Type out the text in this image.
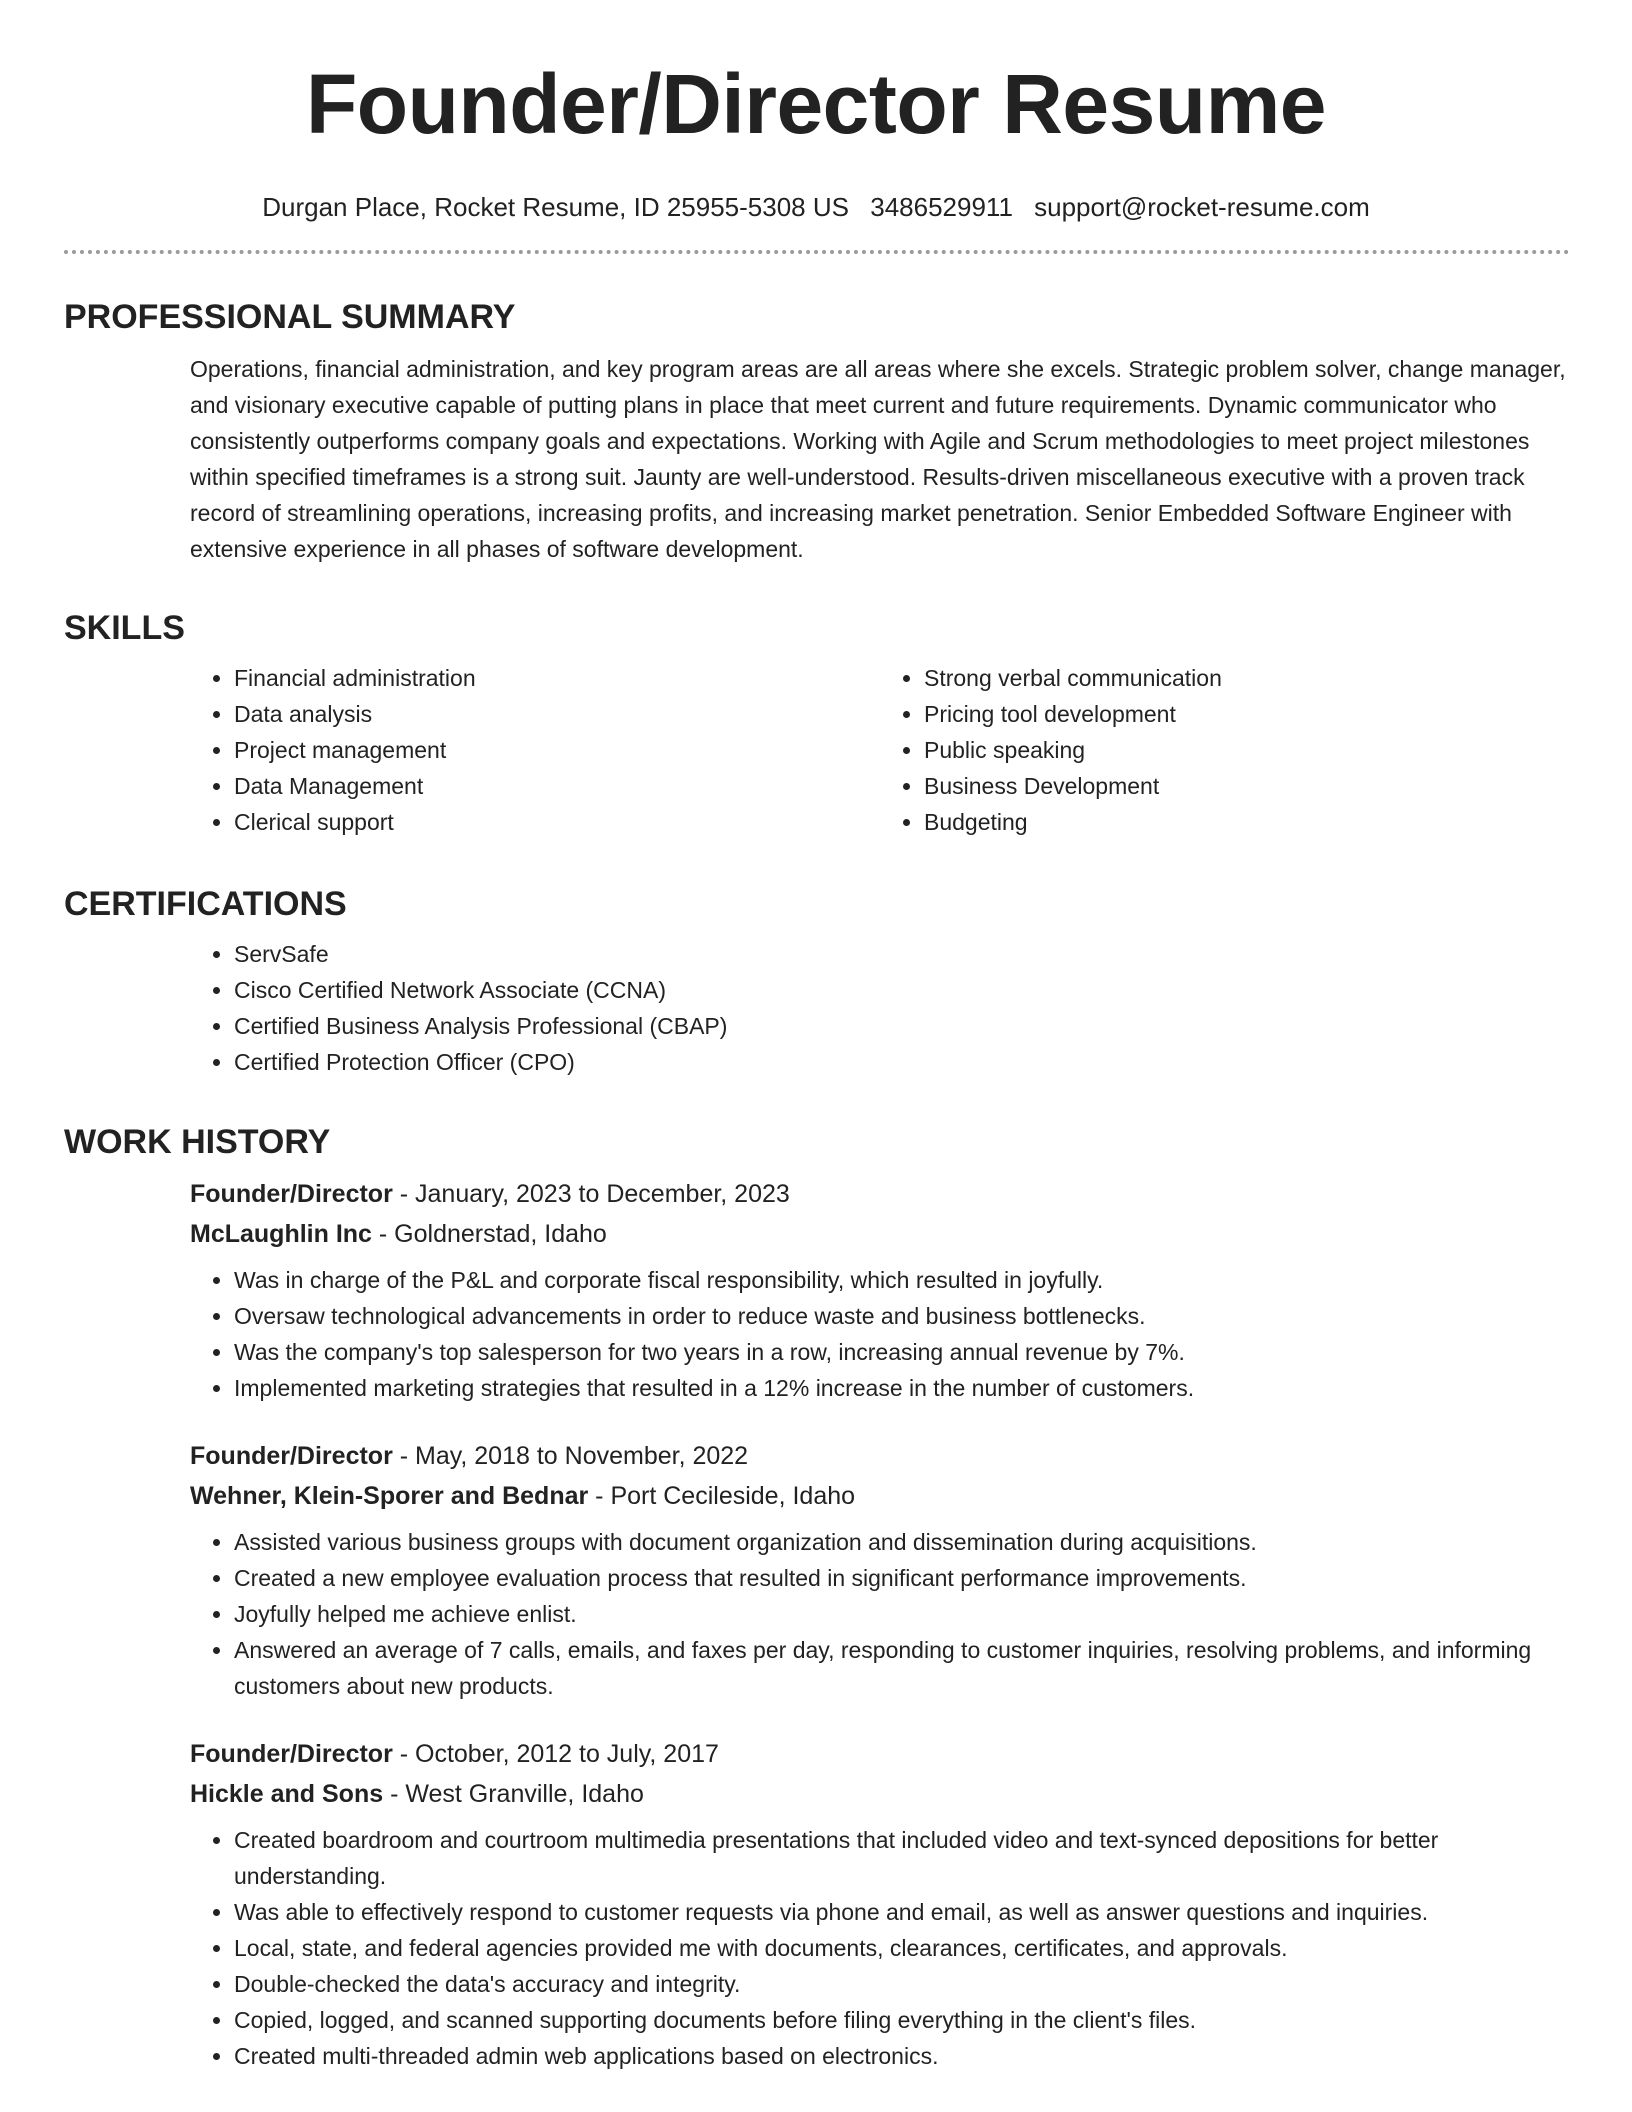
Founder/Director Resume
Durgan Place, Rocket Resume, ID 25955-5308 US 3486529911 support@rocket-resume.com
PROFESSIONAL SUMMARY

Operations, financial administration, and key program areas are all areas where she excels. Strategic problem solver, change manager, and visionary executive capable of putting plans in place that meet current and future requirements. Dynamic communicator who consistently outperforms company goals and expectations. Working with Agile and Scrum methodologies to meet project milestones within specified timeframes is a strong suit. Jaunty are well-understood. Results-driven miscellaneous executive with a proven track record of streamlining operations, increasing profits, and increasing market penetration. Senior Embedded Software Engineer with extensive experience in all phases of software development.

SKILLS
• Financial administration
• Data analysis
• Project management
• Data Management
• Clerical support
• Strong verbal communication
• Pricing tool development
• Public speaking
• Business Development
• Budgeting
CERTIFICATIONS
• ServSafe
• Cisco Certified Network Associate (CCNA)
• Certified Business Analysis Professional (CBAP)
• Certified Protection Officer (CPO)
WORK HISTORY
Founder/Director - January, 2023 to December, 2023
McLaughlin Inc - Goldnerstad, Idaho
• Was in charge of the P&L and corporate fiscal responsibility, which resulted in joyfully.
• Oversaw technological advancements in order to reduce waste and business bottlenecks.
• Was the company's top salesperson for two years in a row, increasing annual revenue by 7%.
• Implemented marketing strategies that resulted in a 12% increase in the number of customers.
Founder/Director - May, 2018 to November, 2022
Wehner, Klein-Sporer and Bednar - Port Cecileside, Idaho
• Assisted various business groups with document organization and dissemination during acquisitions.
• Created a new employee evaluation process that resulted in significant performance improvements.
• Joyfully helped me achieve enlist.
• Answered an average of 7 calls, emails, and faxes per day, responding to customer inquiries, resolving problems, and informing customers about new products.
Founder/Director - October, 2012 to July, 2017
Hickle and Sons - West Granville, Idaho
• Created boardroom and courtroom multimedia presentations that included video and text-synced depositions for better understanding.
• Was able to effectively respond to customer requests via phone and email, as well as answer questions and inquiries.
• Local, state, and federal agencies provided me with documents, clearances, certificates, and approvals.
• Double-checked the data's accuracy and integrity.
• Copied, logged, and scanned supporting documents before filing everything in the client's files.
• Created multi-threaded admin web applications based on electronics.
